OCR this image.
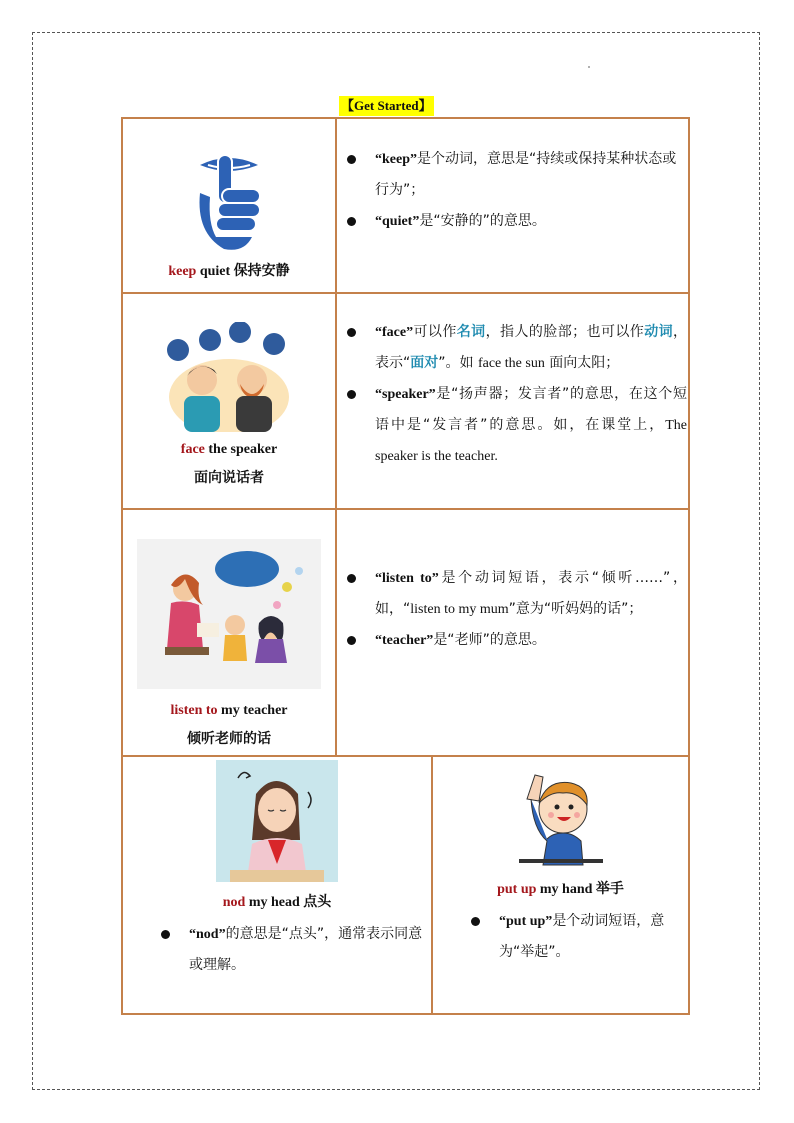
【Get Started】
keep quiet 保持安静
“keep”是个动词，意思是“持续或保持某种状态或行为”；
“quiet”是“安静的”的意思。
face the speaker
面向说话者
“face”可以作名词，指人的脸部；也可以作动词，表示“面对”。如 face the sun 面向太阳；
“speaker”是“扬声器；发言者”的意思，在这个短语中是“发言者”的意思。如，在课堂上，The speaker is the teacher.
listen to my teacher
倾听老师的话
“listen to”是个动词短语，表示“倾听……”，如，“listen to my mum”意为“听妈妈的话”；
“teacher”是“老师”的意思。
nod my head 点头
“nod”的意思是“点头”，通常表示同意或理解。
put up my hand 举手
“put up”是个动词短语，意为“举起”。
